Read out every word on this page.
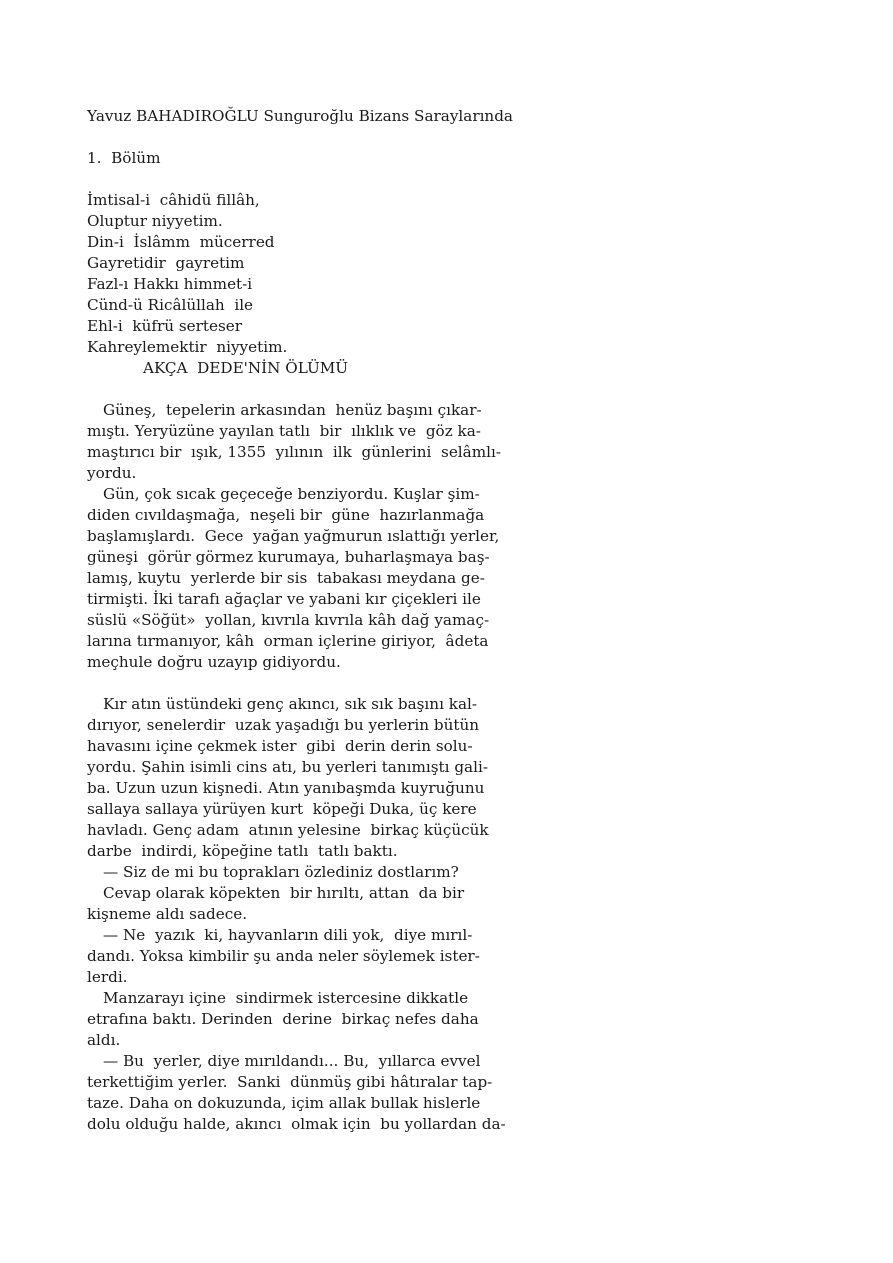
Yavuz BAHADIROĞLU Sunguroğlu Bizans Saraylarında
1.  Bölüm
İmtisal-i  câhidü fillâh,
Oluptur niyyetim.
Din-i  İslâmm  mücerred
Gayretidir  gayretim
Fazl-ı Hakkı himmet-i
Cünd-ü Ricâlüllah  ile
Ehl-i  küfrü serteser
Kahreylemektir  niyyetim.
AKÇA  DEDE'NİN ÖLÜMÜ
Güneş,  tepelerin arkasından  henüz başını çıkar-
mıştı. Yeryüzüne yayılan tatlı  bir  ılıklık ve  göz ka-
maştırıcı bir  ışık, 1355  yılının  ilk  günlerini  selâmlı-
yordu.
Gün, çok sıcak geçeceğe benziyordu. Kuşlar şim-
diden cıvıldaşmağa,  neşeli bir  güne  hazırlanmağa
başlamışlardı.  Gece  yağan yağmurun ıslattığı yerler,
güneşi  görür görmez kurumaya, buharlaşmaya baş-
lamış, kuytu  yerlerde bir sis  tabakası meydana ge-
tirmişti. İki tarafı ağaçlar ve yabani kır çiçekleri ile
süslü «Söğüt»  yollan, kıvrıla kıvrıla kâh dağ yamaç-
larına tırmanıyor, kâh  orman içlerine giriyor,  âdeta
meçhule doğru uzayıp gidiyordu.
Kır atın üstündeki genç akıncı, sık sık başını kal-
dırıyor, senelerdir  uzak yaşadığı bu yerlerin bütün
havasını içine çekmek ister  gibi  derin derin solu-
yordu. Şahin isimli cins atı, bu yerleri tanımıştı gali-
ba. Uzun uzun kişnedi. Atın yanıbaşmda kuyruğunu
sallaya sallaya yürüyen kurt  köpeği Duka, üç kere
havladı. Genç adam  atının yelesine  birkaç küçücük
darbe  indirdi, köpeğine tatlı  tatlı baktı.
— Siz de mi bu toprakları özlediniz dostlarım?
Cevap olarak köpekten  bir hırıltı, attan  da bir
kişneme aldı sadece.
— Ne  yazık  ki, hayvanların dili yok,  diye mırıl-
dandı. Yoksa kimbilir şu anda neler söylemek ister-
lerdi.
Manzarayı içine  sindirmek istercesine dikkatle
etrafına baktı. Derinden  derine  birkaç nefes daha
aldı.
— Bu  yerler, diye mırıldandı... Bu,  yıllarca evvel
terkettiğim yerler.  Sanki  dünmüş gibi hâtıralar tap-
taze. Daha on dokuzunda, içim allak bullak hislerle
dolu olduğu halde, akıncı  olmak için  bu yollardan da-
